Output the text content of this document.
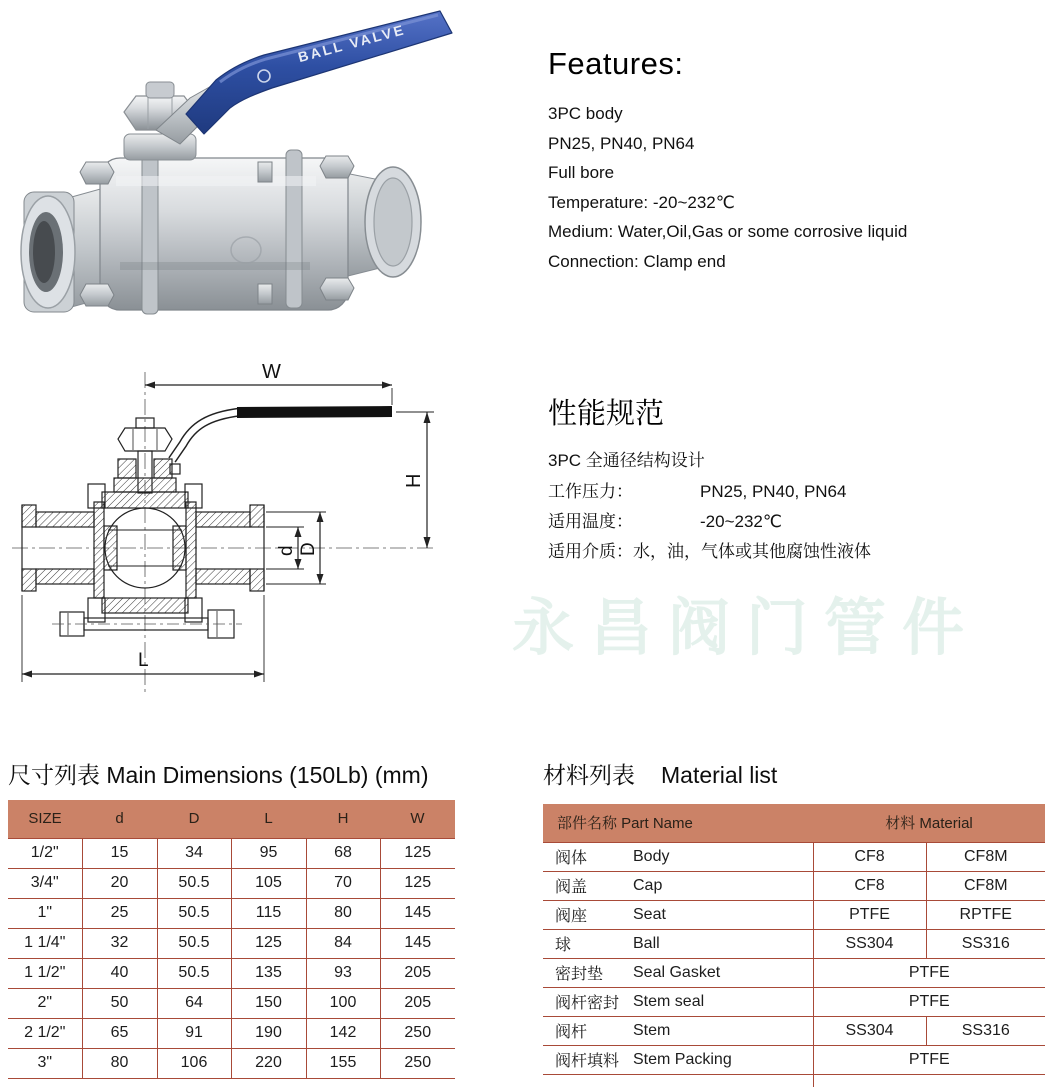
BALL VALVE	Features:
3PC body
PN25, PN40, PN64
Full bore
Temperature: -20~232℃
Medium: Water,Oil,Gas or some corrosive liquid
Connection: Clamp end
W
H
d D
L
性能规范
3PC 全通径结构设计
工作压力：	PN25, PN40, PN64
适用温度：	-20~232℃
适用介质：水，油，气体或其他腐蚀性液体
永昌阀门管件
尺寸列表 Main Dimensions (150Lb) (mm)
SIZE	d	D	L	H	W
1/2"	15	34	95	68	125
3/4"	20	50.5	105	70	125
1"	25	50.5	115	80	145
1 1/4"	32	50.5	125	84	145
1 1/2"	40	50.5	135	93	205
2"	50	64	150	100	205
2 1/2"	65	91	190	142	250
3"	80	106	220	155	250
材料列表 Material list
部件名称 Part Name		材料 Material	
阀体	Body	CF8	CF8M
阀盖	Cap	CF8	CF8M
阀座	Seat	PTFE	RPTFE
球	Ball	SS304	SS316
密封垫	Seal Gasket	PTFE	
阀杆密封	Stem seal	PTFE	
阀杆	Stem	SS304	SS316
阀杆填料	Stem Packing	PTFE	
